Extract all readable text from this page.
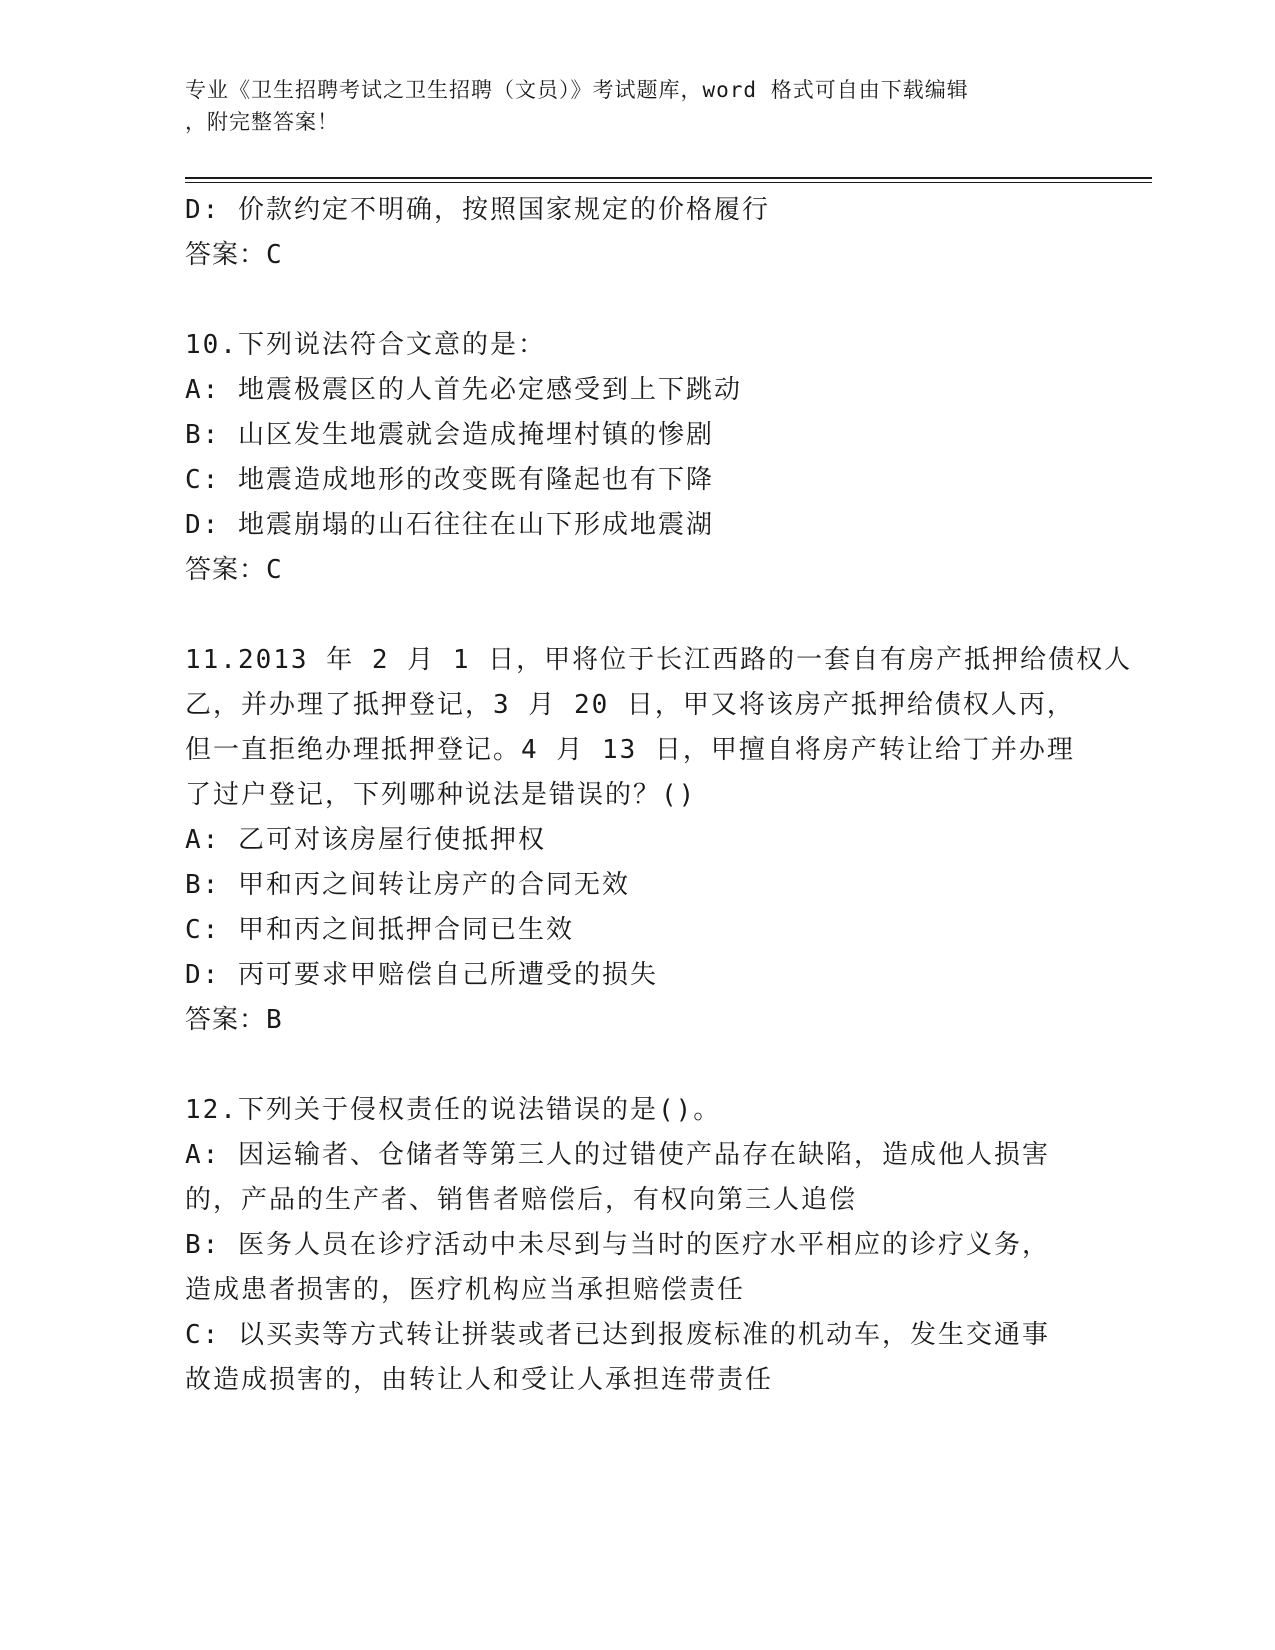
专业《卫生招聘考试之卫生招聘（文员）》考试题库，word 格式可自由下载编辑
，附完整答案！
D: 价款约定不明确，按照国家规定的价格履行
答案：C
10.下列说法符合文意的是：
A: 地震极震区的人首先必定感受到上下跳动
B: 山区发生地震就会造成掩埋村镇的惨剧
C: 地震造成地形的改变既有隆起也有下降
D: 地震崩塌的山石往往在山下形成地震湖
答案：C
11.2013 年 2 月 1 日，甲将位于长江西路的一套自有房产抵押给债权人
乙，并办理了抵押登记，3 月 20 日，甲又将该房产抵押给债权人丙，
但一直拒绝办理抵押登记。4 月 13 日，甲擅自将房产转让给丁并办理
了过户登记，下列哪种说法是错误的？()
A: 乙可对该房屋行使抵押权
B: 甲和丙之间转让房产的合同无效
C: 甲和丙之间抵押合同已生效
D: 丙可要求甲赔偿自己所遭受的损失
答案：B
12.下列关于侵权责任的说法错误的是()。
A: 因运输者、仓储者等第三人的过错使产品存在缺陷，造成他人损害
的，产品的生产者、销售者赔偿后，有权向第三人追偿
B: 医务人员在诊疗活动中未尽到与当时的医疗水平相应的诊疗义务，
造成患者损害的，医疗机构应当承担赔偿责任
C: 以买卖等方式转让拼装或者已达到报废标准的机动车，发生交通事
故造成损害的，由转让人和受让人承担连带责任
